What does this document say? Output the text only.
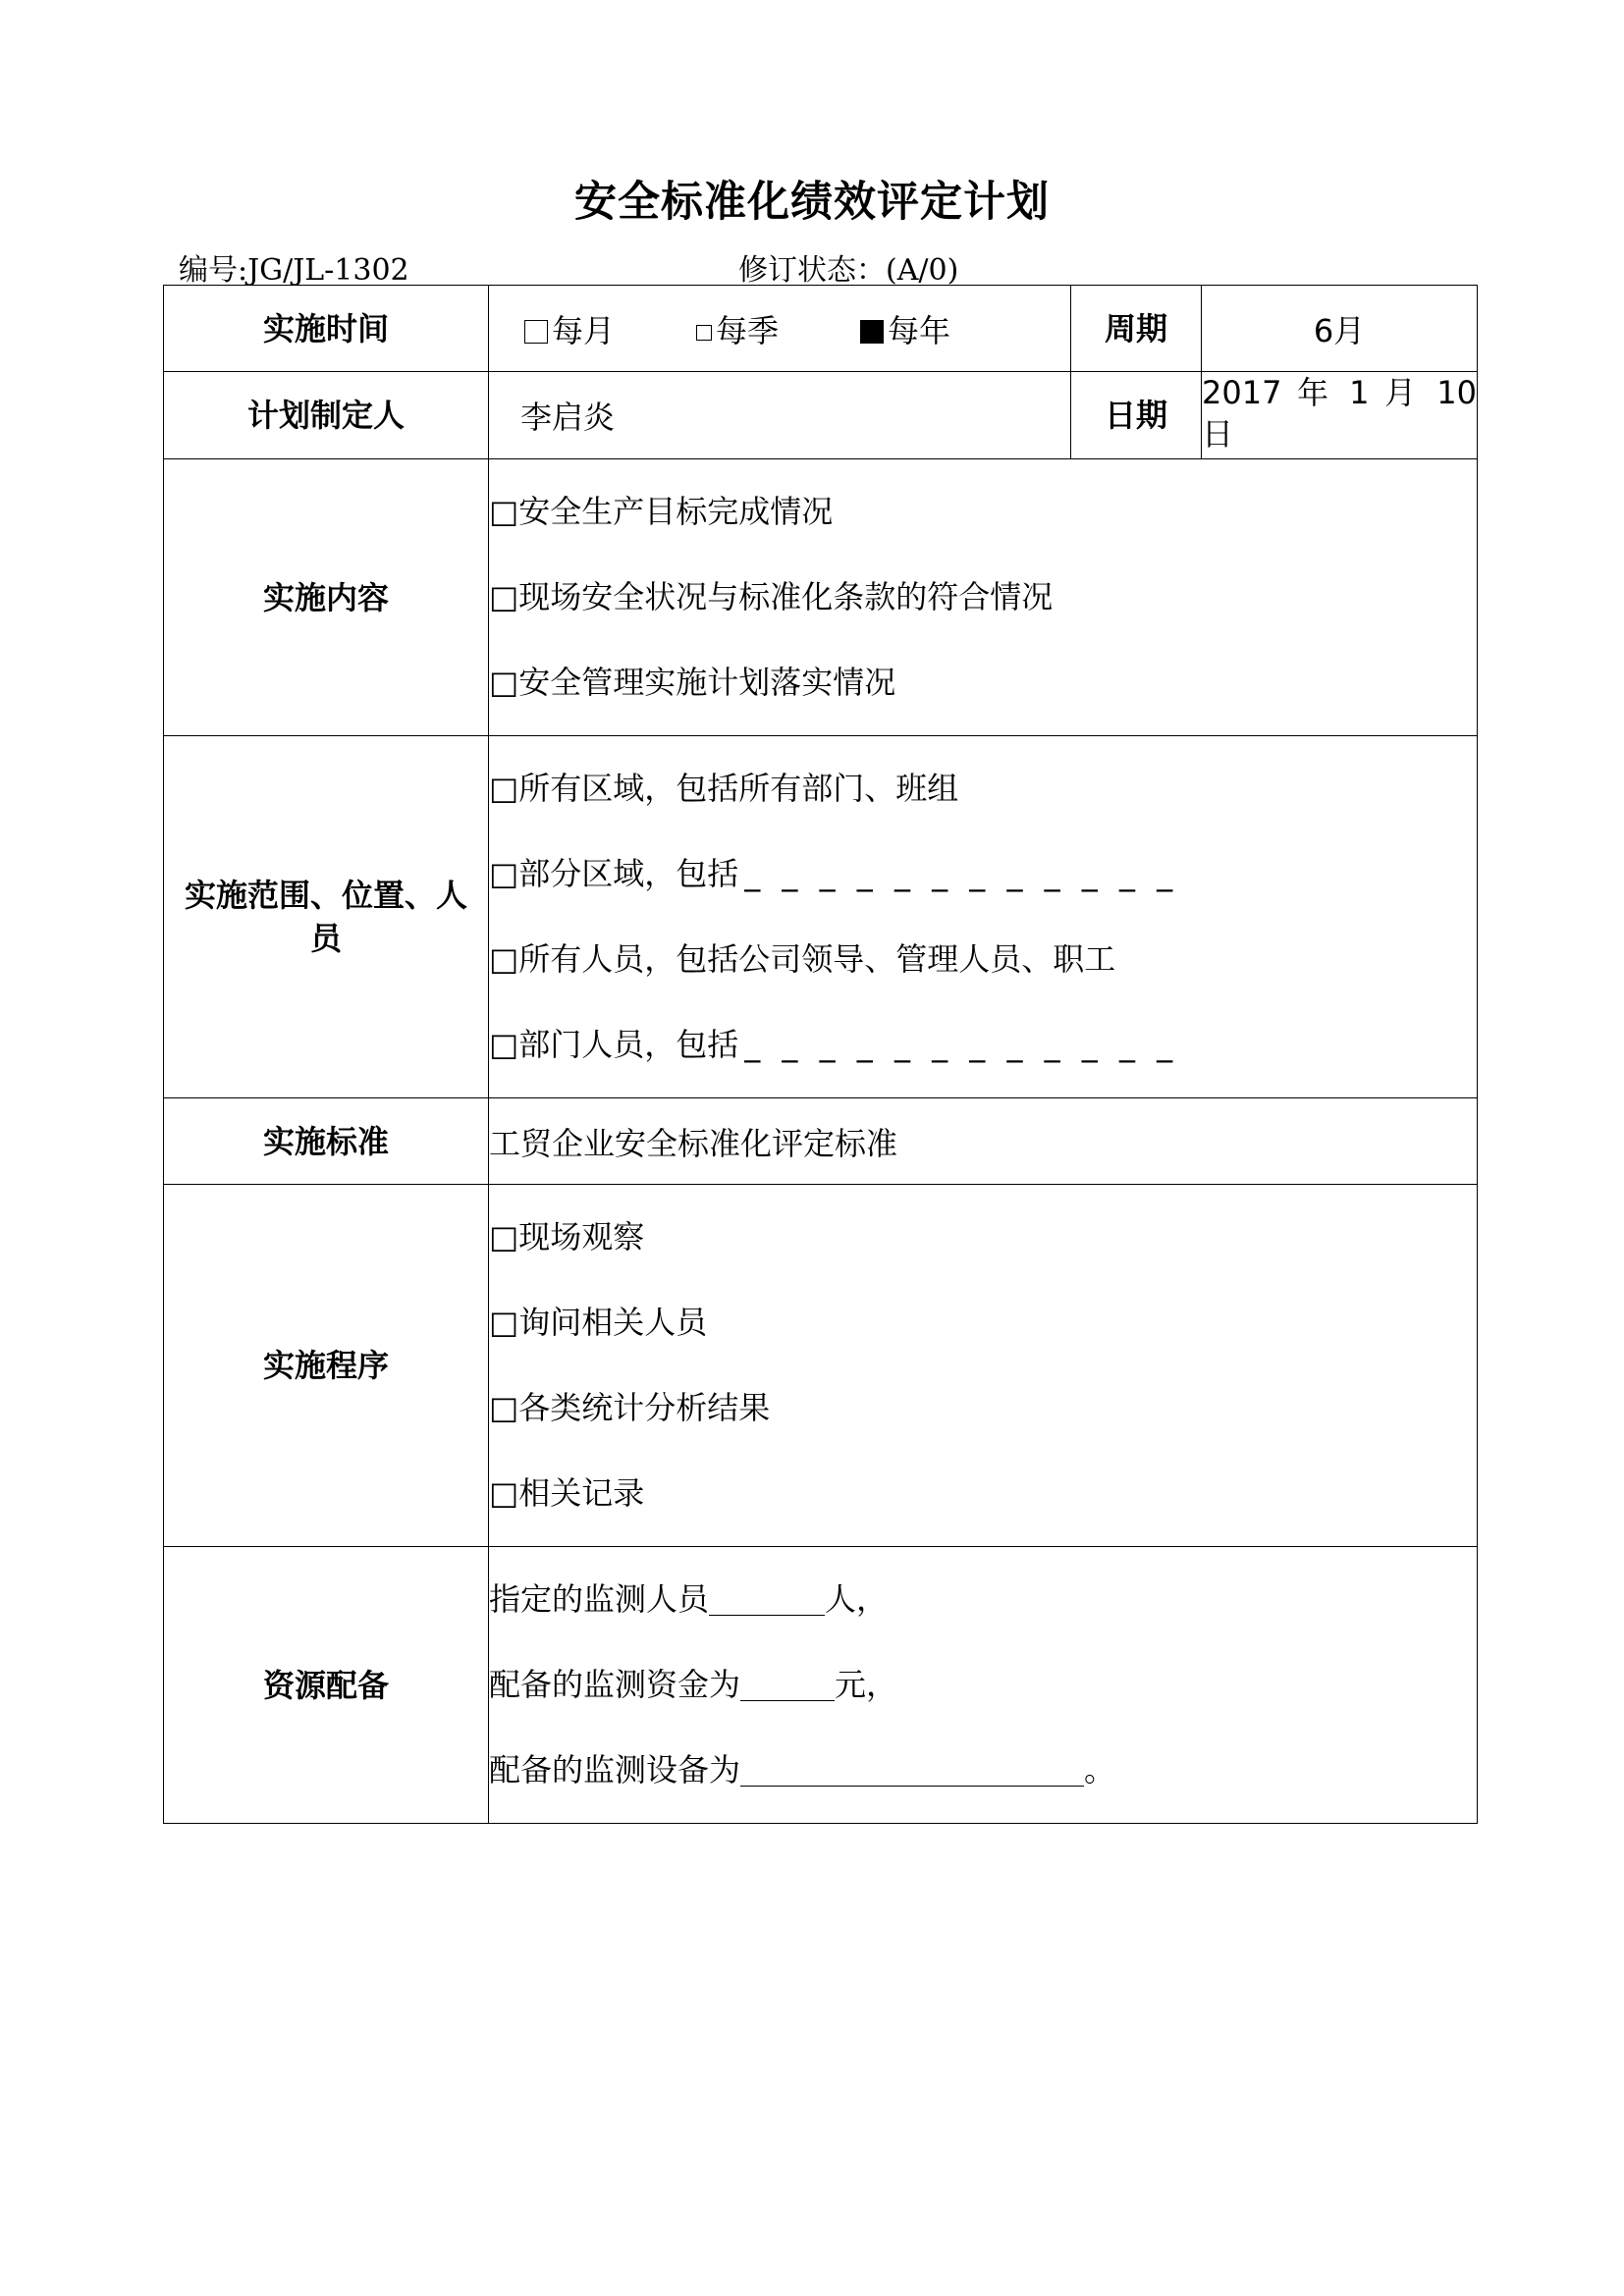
安全标准化绩效评定计划
编号:JG/JL-1302	修订状态：(A/0)
实施时间	每月 每季 每年	周期	6月
计划制定人	李启炎	日期	2017 年 1 月 10 日
实施内容	□安全生产目标完成情况
□现场安全状况与标准化条款的符合情况
□安全管理实施计划落实情况		

实施范围、位置、人员	□所有区域，包括所有部门、班组
□部分区域，包括 _ _ _ _ _ _ _ _ _ _ _ _
□所有人员，包括公司领导、管理人员、职工
□部门人员，包括 _ _ _ _ _ _ _ _ _ _ _ _		

实施标准	工贸企业安全标准化评定标准		
实施程序	□现场观察
□询问相关人员
□各类统计分析结果
□相关记录		

资源配备	指定的监测人员 人，
配备的监测资金为 元，
配备的监测设备为 。		
